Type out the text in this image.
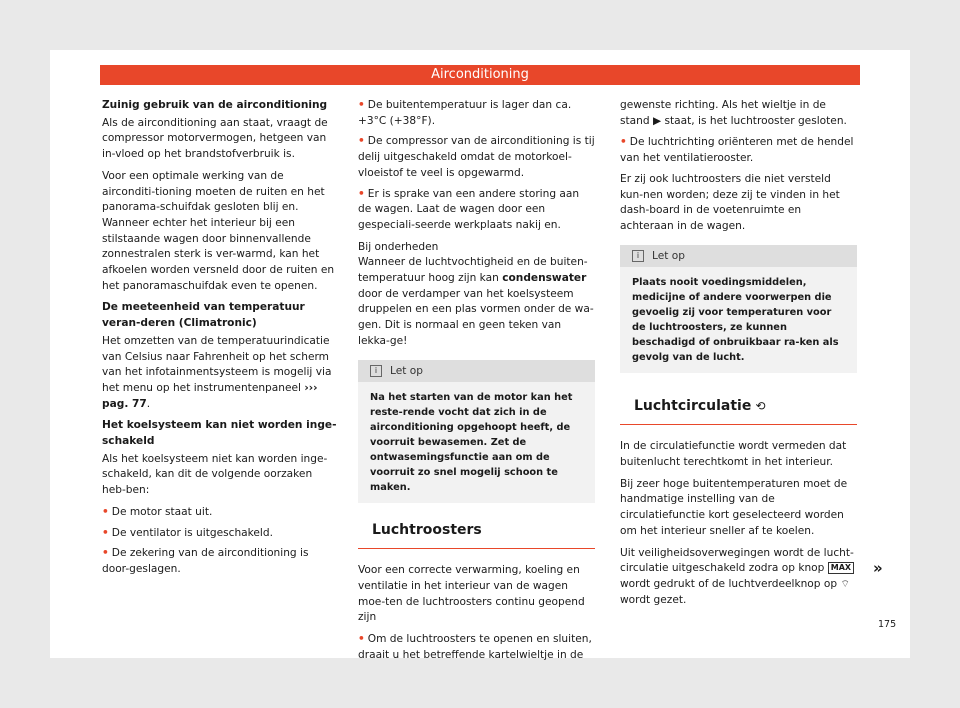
Airconditioning
Zuinig gebruik van de airconditioning

Als de airconditioning aan staat, vraagt de compressor motorvermogen, hetgeen van in-vloed op het brandstofverbruik is.

Voor een optimale werking van de airconditi-tioning moeten de ruiten en het panorama-schuifdak gesloten blij en. Wanneer echter het interieur bij een stilstaande wagen door binnenvallende zonnestralen sterk is ver-warmd, kan het afkoelen worden versneld door de ruiten en het panoramaschuifdak even te openen.

De meeteenheid van temperatuur veran-deren (Climatronic)

Het omzetten van de temperatuurindicatie van Celsius naar Fahrenheit op het scherm van het infotainmentsysteem is mogelij via het menu op het instrumentenpaneel ››› pag. 77.

Het koelsysteem kan niet worden inge-schakeld

Als het koelsysteem niet kan worden inge-schakeld, kan dit de volgende oorzaken heb-ben:

• De motor staat uit.
• De ventilator is uitgeschakeld.
• De zekering van de airconditioning is door-geslagen.
• De buitentemperatuur is lager dan ca. +3°C (+38°F).
• De compressor van de airconditioning is tij delij uitgeschakeld omdat de motorkoel-vloeistof te veel is opgewarmd.
• Er is sprake van een andere storing aan de wagen. Laat de wagen door een gespeciali-seerde werkplaats nakij en.

Bij onderheden

Wanneer de luchtvochtigheid en de buiten-temperatuur hoog zijn kan condenswater door de verdamper van het koelsysteem druppelen en een plas vormen onder de wa-gen. Dit is normaal en geen teken van lekka-ge!

i Let op
Na het starten van de motor kan het reste-rende vocht dat zich in de airconditioning opgehoopt heeft, de voorruit bewasemen. Zet de ontwasemingsfunctie aan om de voorruit zo snel mogelij schoon te maken.
Luchtroosters

Voor een correcte verwarming, koeling en ventilatie in het interieur van de wagen moe-ten de luchtroosters continu geopend zijn

• Om de luchtroosters te openen en sluiten, draait u het betreffende kartelwieltje in de

gewenste richting. Als het wieltje in de stand ▶ staat, is het luchtrooster gesloten.

• De luchtrichting oriënteren met de hendel van het ventilatierooster.

Er zij ook luchtroosters die niet versteld kun-nen worden; deze zij te vinden in het dash-board in de voetenruimte en achteraan in de wagen.

i Let op
Plaats nooit voedingsmiddelen, medicijne of andere voorwerpen die gevoelig zij voor temperaturen voor de luchtroosters, ze kunnen beschadigd of onbruikbaar ra-ken als gevolg van de lucht.
Luchtcirculatie ⟲

In de circulatiefunctie wordt vermeden dat buitenlucht terechtkomt in het interieur.

Bij zeer hoge buitentemperaturen moet de handmatige instelling van de circulatiefunctie kort geselecteerd worden om het interieur sneller af te koelen.

Uit veiligheidsoverwegingen wordt de lucht-circulatie uitgeschakeld zodra op knop MAX wordt gedrukt of de luchtverdeelknop op ⌔ wordt gezet.

»
175
